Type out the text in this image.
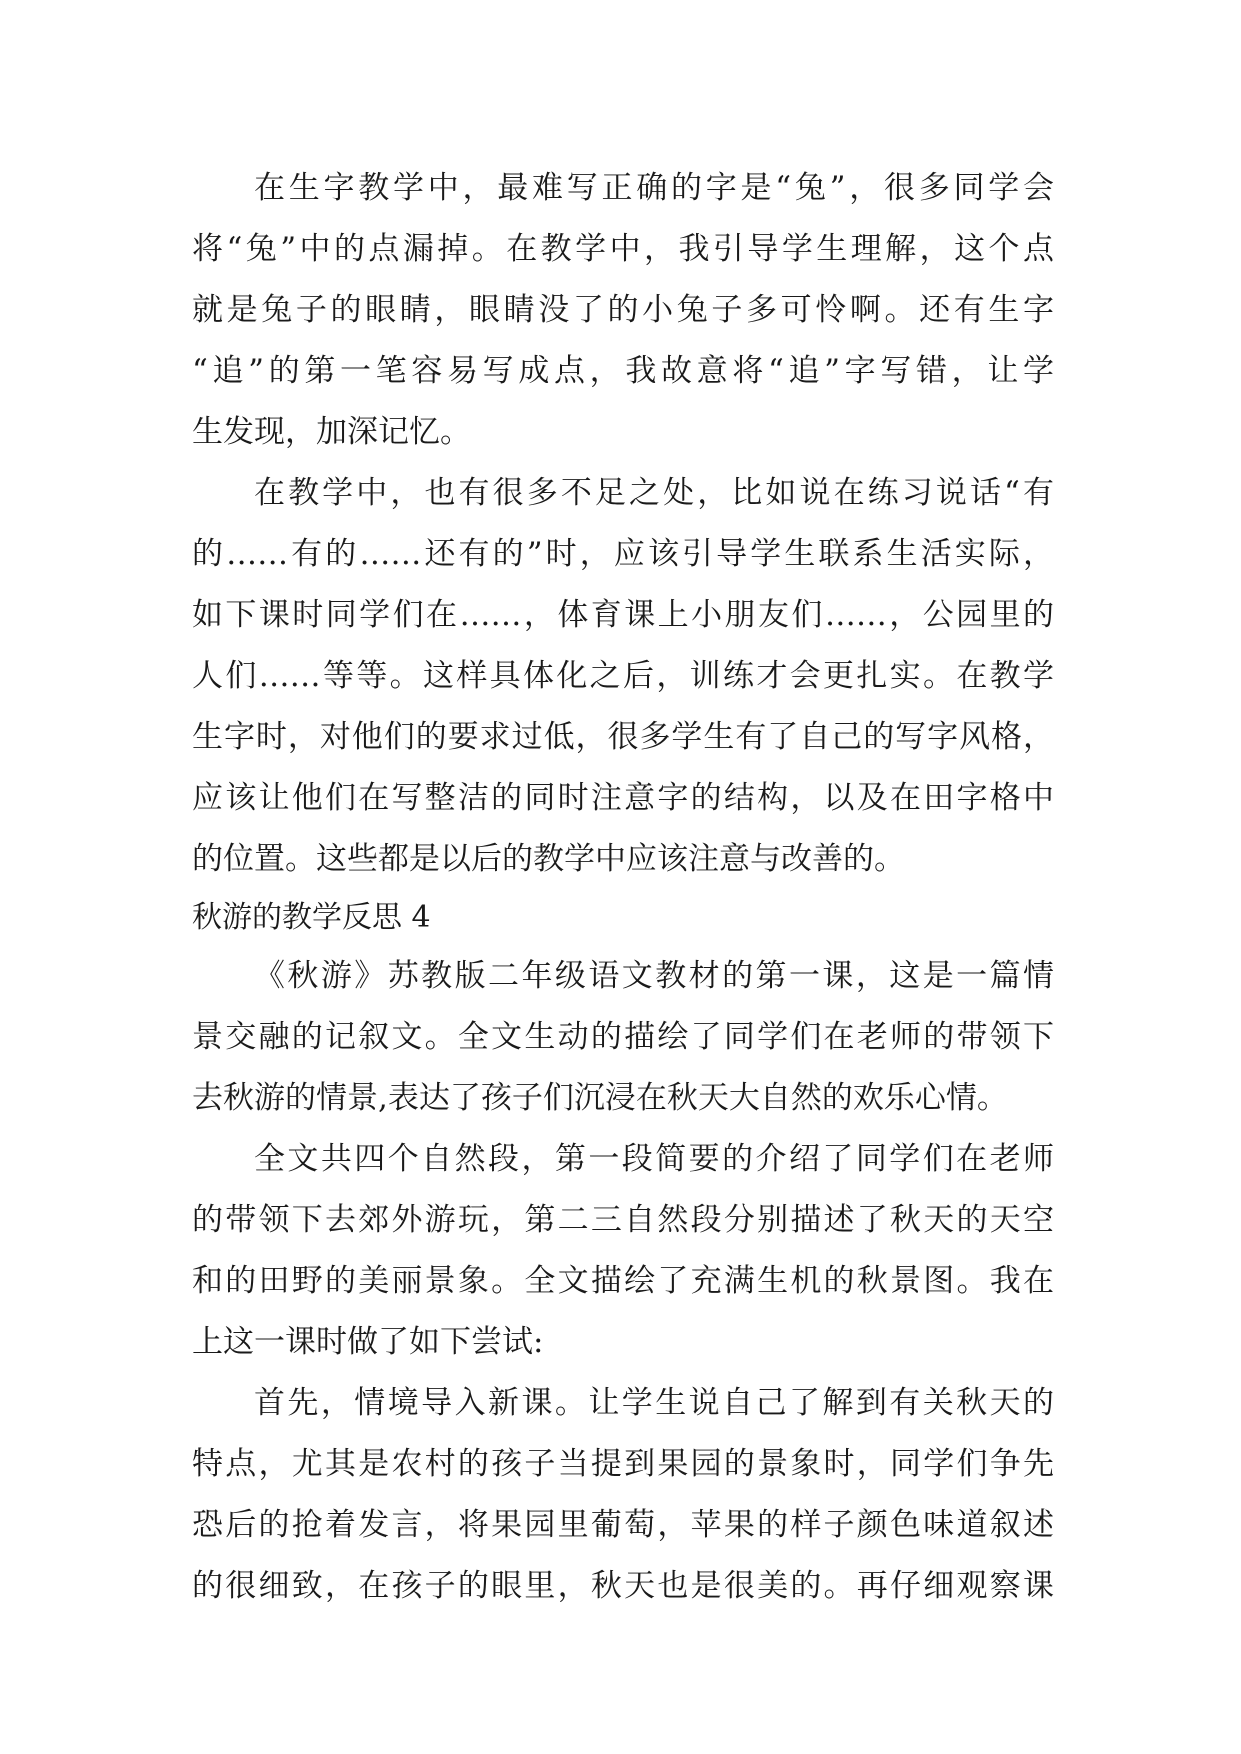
在生字教学中，最难写正确的字是“兔”，很多同学会
将“兔”中的点漏掉。在教学中，我引导学生理解，这个点
就是兔子的眼睛，眼睛没了的小兔子多可怜啊。还有生字
“追”的第一笔容易写成点，我故意将“追”字写错，让学
生发现，加深记忆。
在教学中，也有很多不足之处，比如说在练习说话“有
的……有的……还有的”时，应该引导学生联系生活实际，
如下课时同学们在……，体育课上小朋友们……，公园里的
人们……等等。这样具体化之后，训练才会更扎实。在教学
生字时，对他们的要求过低，很多学生有了自己的写字风格，
应该让他们在写整洁的同时注意字的结构，以及在田字格中
的位置。这些都是以后的教学中应该注意与改善的。
秋游的教学反思 4
《秋游》苏教版二年级语文教材的第一课，这是一篇情
景交融的记叙文。全文生动的描绘了同学们在老师的带领下
去秋游的情景,表达了孩子们沉浸在秋天大自然的欢乐心情。
全文共四个自然段，第一段简要的介绍了同学们在老师
的带领下去郊外游玩，第二三自然段分别描述了秋天的天空
和的田野的美丽景象。全文描绘了充满生机的秋景图。我在
上这一课时做了如下尝试:
首先，情境导入新课。让学生说自己了解到有关秋天的
特点，尤其是农村的孩子当提到果园的景象时，同学们争先
恐后的抢着发言，将果园里葡萄，苹果的样子颜色味道叙述
的很细致，在孩子的眼里，秋天也是很美的。再仔细观察课
